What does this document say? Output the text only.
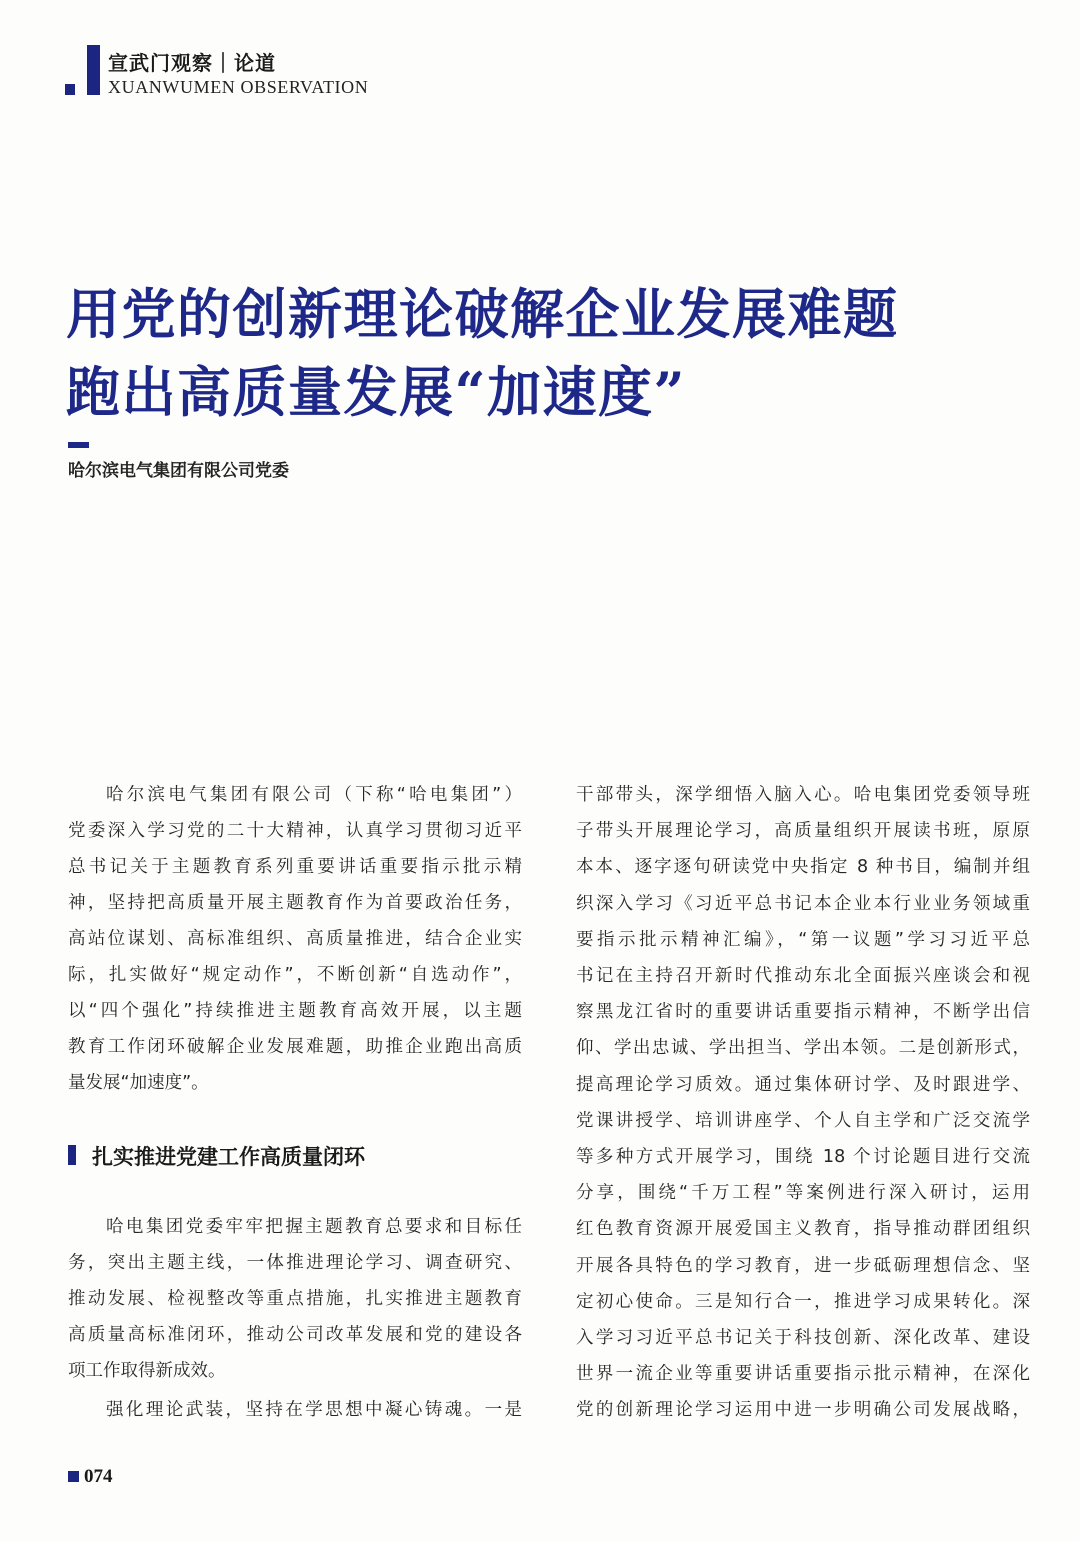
宣武门观察｜论道
XUANWUMEN OBSERVATION
用党的创新理论破解企业发展难题
跑出高质量发展“加速度”
哈尔滨电气集团有限公司党委
扎实推进党建工作高质量闭环
哈尔滨电气集团有限公司（下称“哈电集团”）
党委深入学习党的二十大精神，认真学习贯彻习近平
总书记关于主题教育系列重要讲话重要指示批示精
神，坚持把高质量开展主题教育作为首要政治任务，
高站位谋划、高标准组织、高质量推进，结合企业实
际，扎实做好“规定动作”，不断创新“自选动作”，
以“四个强化”持续推进主题教育高效开展，以主题
教育工作闭环破解企业发展难题，助推企业跑出高质
量发展“加速度”。
哈电集团党委牢牢把握主题教育总要求和目标任
务，突出主题主线，一体推进理论学习、调查研究、
推动发展、检视整改等重点措施，扎实推进主题教育
高质量高标准闭环，推动公司改革发展和党的建设各
项工作取得新成效。
强化理论武装，坚持在学思想中凝心铸魂。一是
干部带头，深学细悟入脑入心。哈电集团党委领导班
子带头开展理论学习，高质量组织开展读书班，原原
本本、逐字逐句研读党中央指定 8 种书目，编制并组
织深入学习《习近平总书记本企业本行业业务领域重
要指示批示精神汇编》，“第一议题”学习习近平总
书记在主持召开新时代推动东北全面振兴座谈会和视
察黑龙江省时的重要讲话重要指示精神，不断学出信
仰、学出忠诚、学出担当、学出本领。二是创新形式，
提高理论学习质效。通过集体研讨学、及时跟进学、
党课讲授学、培训讲座学、个人自主学和广泛交流学
等多种方式开展学习，围绕 18 个讨论题目进行交流
分享，围绕“千万工程”等案例进行深入研讨，运用
红色教育资源开展爱国主义教育，指导推动群团组织
开展各具特色的学习教育，进一步砥砺理想信念、坚
定初心使命。三是知行合一，推进学习成果转化。深
入学习习近平总书记关于科技创新、深化改革、建设
世界一流企业等重要讲话重要指示批示精神，在深化
党的创新理论学习运用中进一步明确公司发展战略，
074
